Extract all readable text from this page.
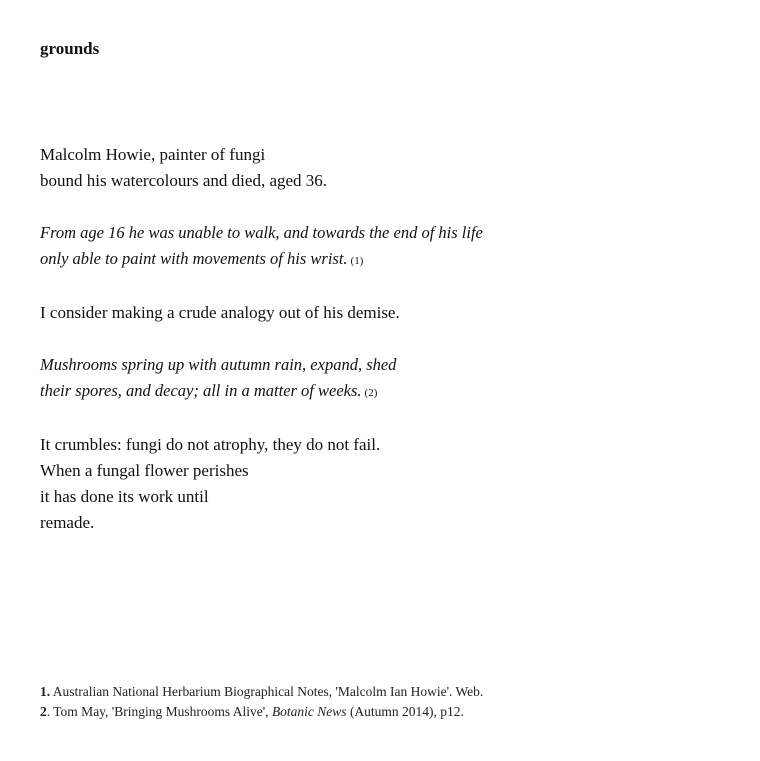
grounds
Malcolm Howie, painter of fungi
bound his watercolours and died, aged 36.
From age 16 he was unable to walk, and towards the end of his life
only able to paint with movements of his wrist. (1)
I consider making a crude analogy out of his demise.
Mushrooms spring up with autumn rain, expand, shed
their spores, and decay; all in a matter of weeks. (2)
It crumbles: fungi do not atrophy, they do not fail.
When a fungal flower perishes
it has done its work until
remade.
1. Australian National Herbarium Biographical Notes, 'Malcolm Ian Howie'. Web.
2. Tom May, 'Bringing Mushrooms Alive', Botanic News (Autumn 2014), p12.
